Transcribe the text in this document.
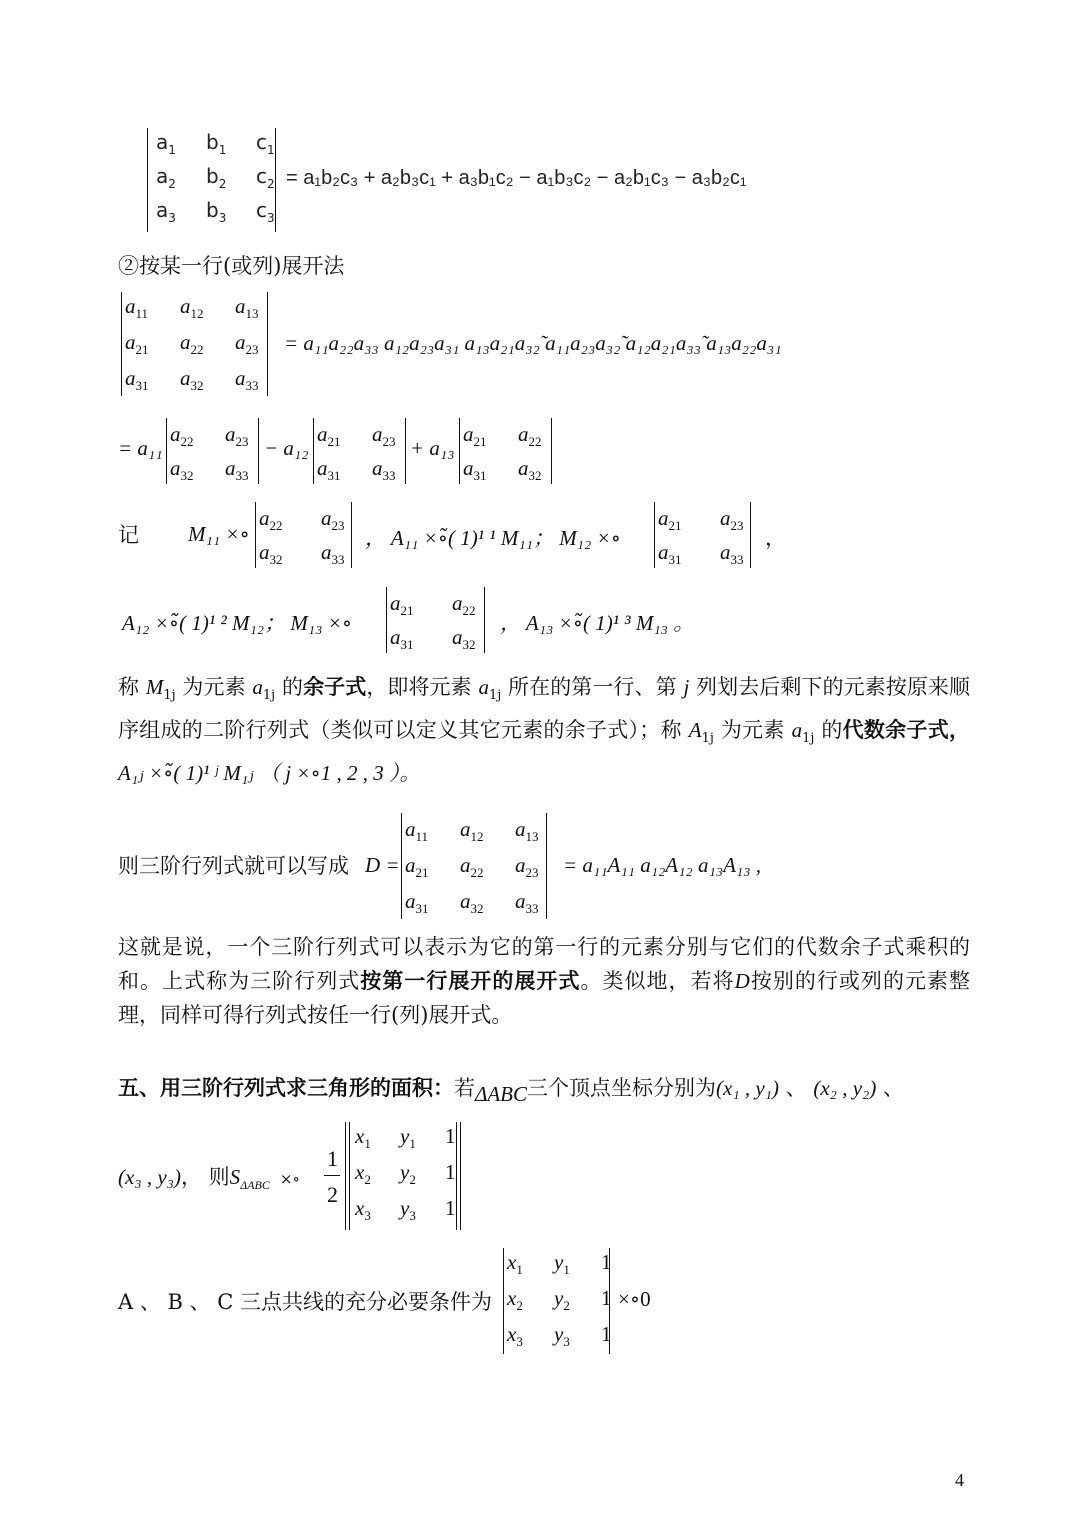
$a_1$ $b_1$ $c_1$
$a_2$ $b_2$ $c_2$
$a_3$ $b_3$ $c_3$
= a₁b₂c₃ + a₂b₃c₁ + a₃b₁c₂ − a₁b₃c₂ − a₂b₁c₃ − a₃b₂c₁
②按某一行(或列)展开法
$a_{11}$ $a_{12}$ $a_{13}$
$a_{21}$ $a_{22}$ $a_{23}$
$a_{31}$ $a_{32}$ $a_{33}$
= a₁₁a₂₂a₃₃ a₁₂a₂₃a₃₁ a₁₃a₂₁a₃₂̃ a₁₁a₂₃a₃₂̃ a₁₂a₂₁a₃₃̃ a₁₃a₂₂a₃₁
= a₁₁
$a_{22}$ $a_{23}$
$a_{32}$ $a_{33}$
− a₁₂
$a_{21}$ $a_{23}$
$a_{31}$ $a_{33}$
+ a₁₃
$a_{21}$ $a_{22}$
$a_{31}$ $a_{32}$
记 M₁₁ ×∘
$a_{22}$ $a_{23}$
$a_{32}$ $a_{33}$
， A₁₁ ×∘̃( 1)¹ ¹ M₁₁； M₁₂ ×∘
$a_{21}$ $a_{23}$
$a_{31}$ $a_{33}$
，
A₁₂ ×∘̃( 1)¹ ² M₁₂； M₁₃ ×∘
$a_{21}$ $a_{22}$
$a_{31}$ $a_{32}$
， A₁₃ ×∘̃( 1)¹ ³ M₁₃ 。
称 $M_{1j}$ 为元素 $a_{1j}$ 的余子式，即将元素 $a_{1j}$ 所在的第一行、第 j 列划去后剩下的元素按原来顺序组成的二阶行列式（类似可以定义其它元素的余子式）；称 $A_{1j}$ 为元素 $a_{1j}$ 的代数余子式，A₁ⱼ ×∘̃( 1)¹ ʲ M₁ⱼ （ j ×∘1 , 2 , 3 ）。
则三阶行列式就可以写成 D =
$a_{11}$ $a_{12}$ $a_{13}$
$a_{21}$ $a_{22}$ $a_{23}$
$a_{31}$ $a_{32}$ $a_{33}$
= a₁₁A₁₁ a₁₂A₁₂ a₁₃A₁₃ ,
这就是说，一个三阶行列式可以表示为它的第一行的元素分别与它们的代数余子式乘积的和。上式称为三阶行列式按第一行展开的展开式。类似地，若将D按别的行或列的元素整理，同样可得行列式按任一行(列)展开式。
五、用三阶行列式求三角形的面积：若ΔABC三个顶点坐标分别为(x₁ , y₁) 、 (x₂ , y₂) 、
(x₃ , y₃)， 则$S_{\Delta ABC}$ ×∘
1
2
$x_1$ $y_1$ 1
$x_2$ $y_2$ 1
$x_3$ $y_3$ 1
A 、 B 、 C 三点共线的充分必要条件为
$x_1$ $y_1$ 1
$x_2$ $y_2$ 1
$x_3$ $y_3$ 1
×∘0
4
